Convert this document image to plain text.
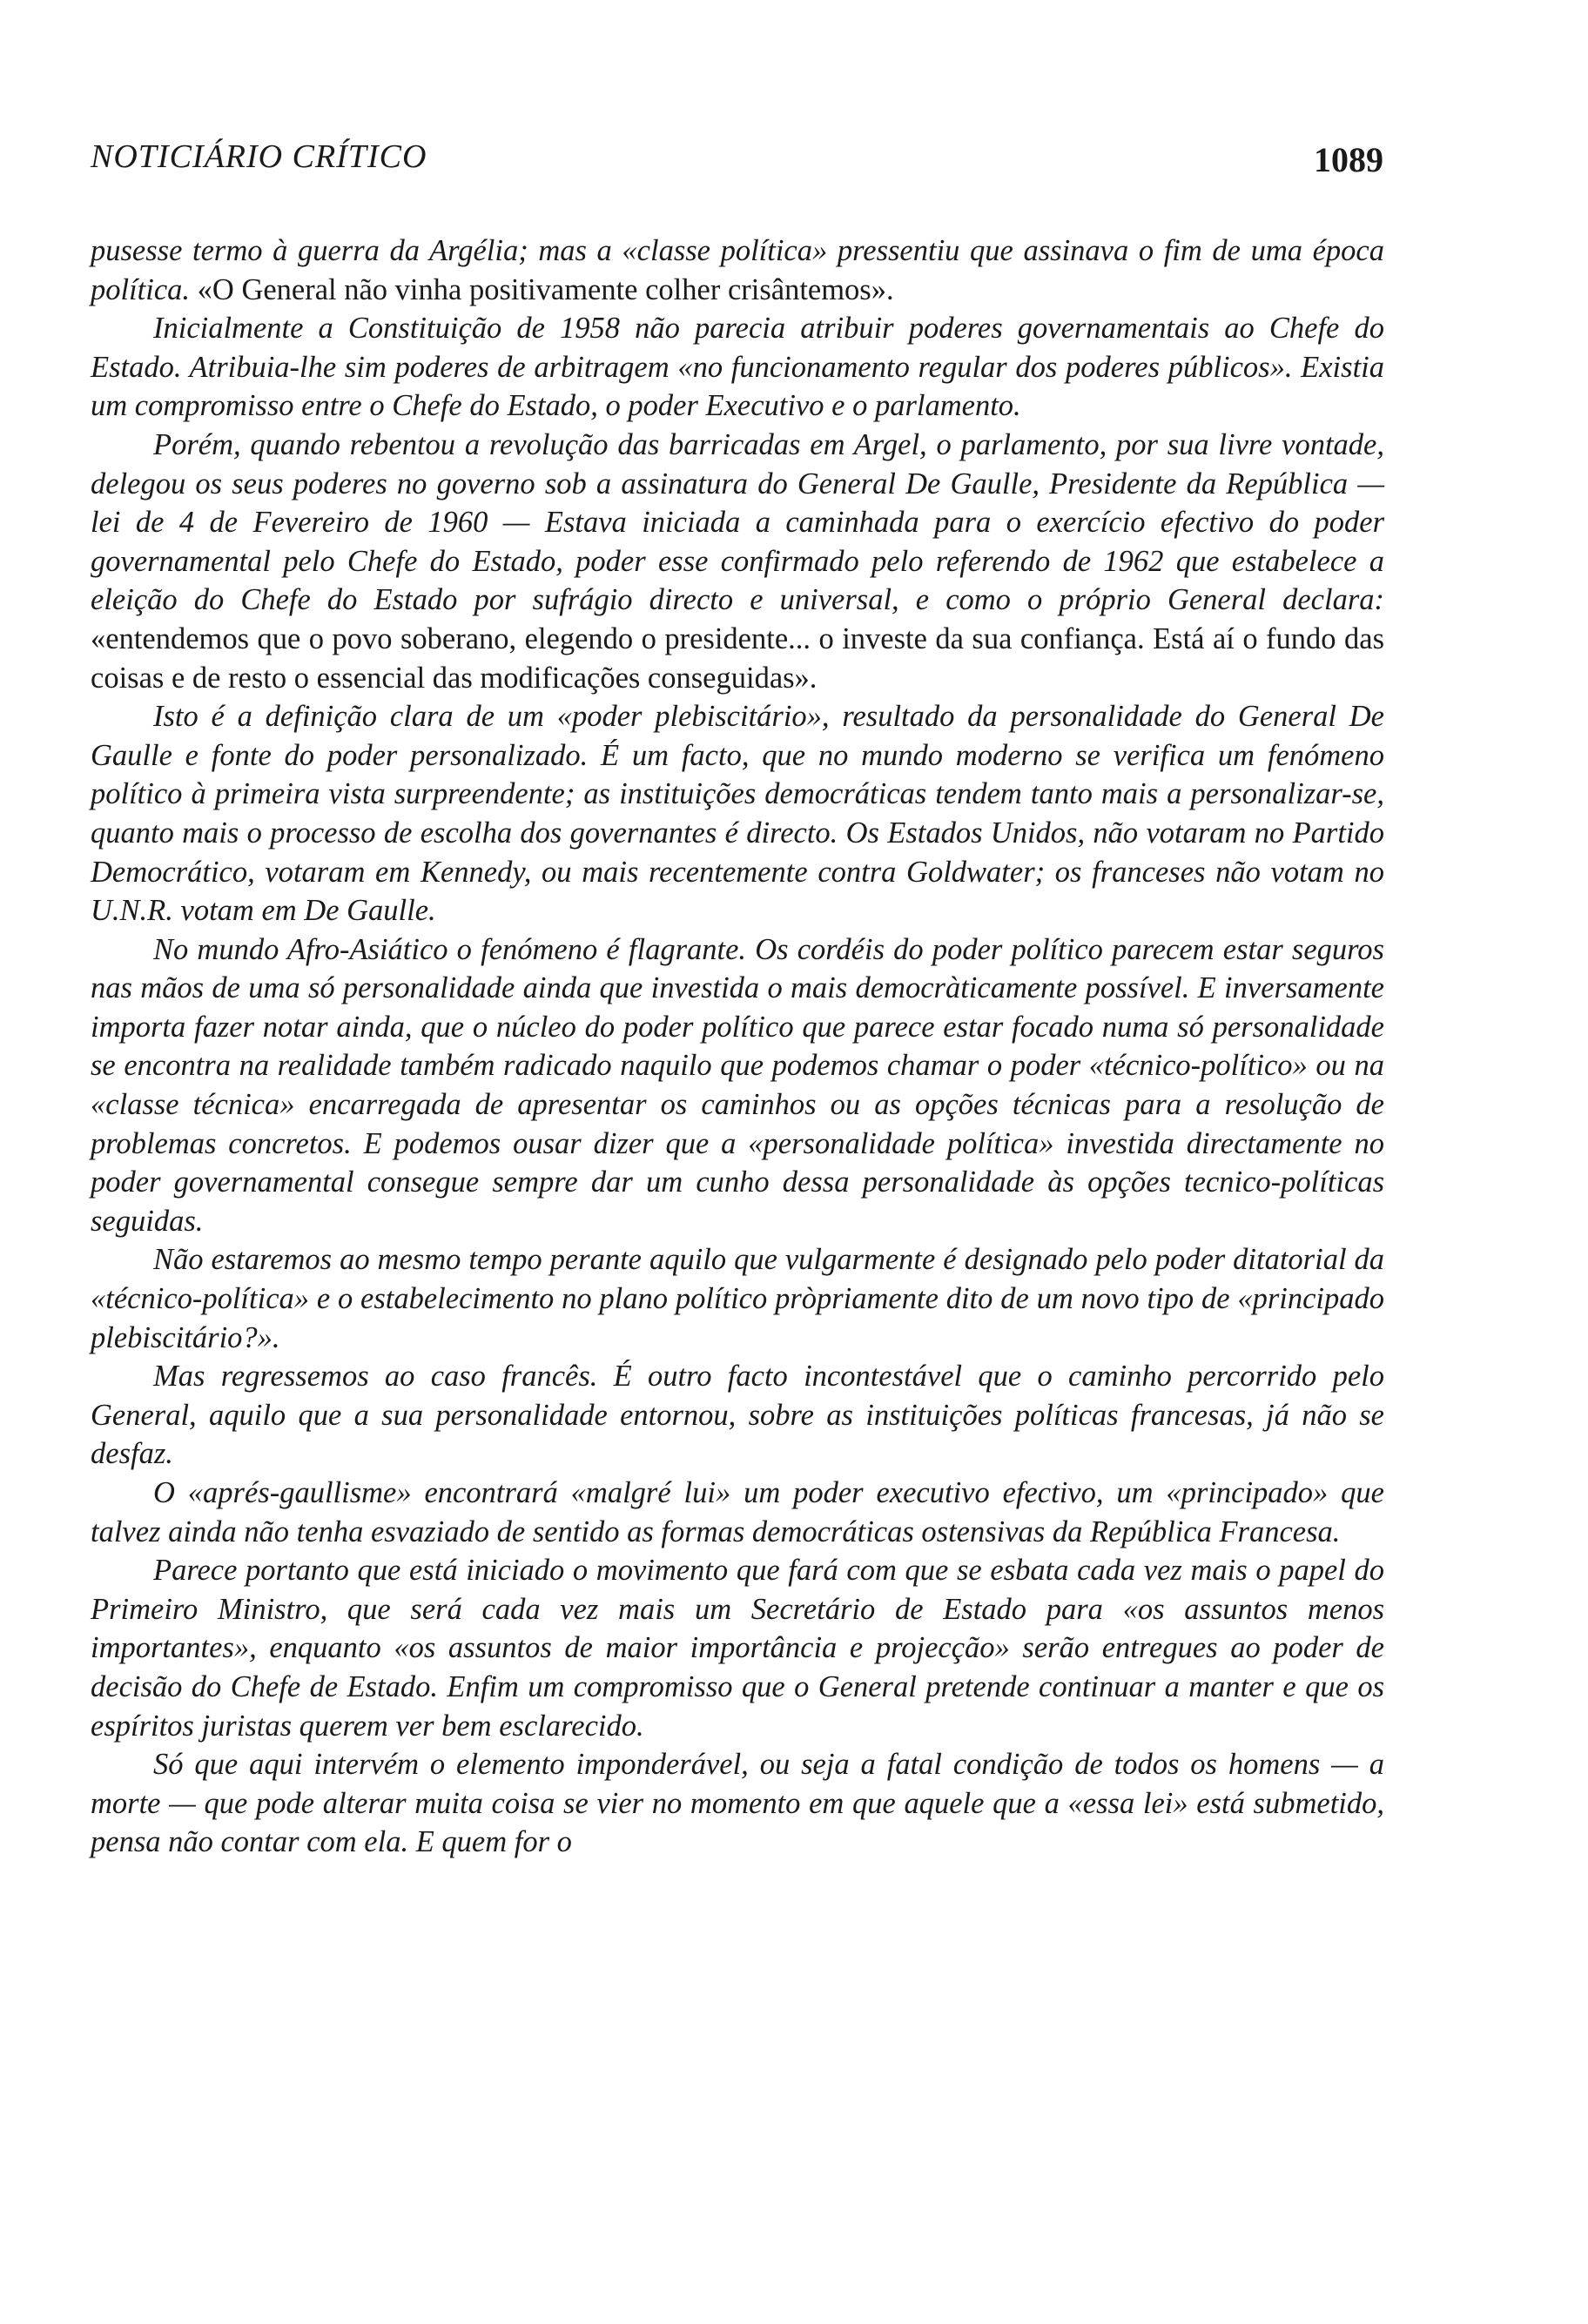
NOTICIÁRIO CRÍTICO	1089

pusesse termo à guerra da Argélia; mas a «classe política» pressentiu que assinava o fim de uma época política. «O General não vinha positivamente colher crisântemos».

Inicialmente a Constituição de 1958 não parecia atribuir poderes governamentais ao Chefe do Estado. Atribuia-lhe sim poderes de arbitragem «no funcionamento regular dos poderes públicos». Existia um compromisso entre o Chefe do Estado, o poder Executivo e o parlamento.

Porém, quando rebentou a revolução das barricadas em Argel, o parlamento, por sua livre vontade, delegou os seus poderes no governo sob a assinatura do General De Gaulle, Presidente da República — lei de 4 de Fevereiro de 1960 — Estava iniciada a caminhada para o exercício efectivo do poder governamental pelo Chefe do Estado, poder esse confirmado pelo referendo de 1962 que estabelece a eleição do Chefe do Estado por sufrágio directo e universal, e como o próprio General declara: «entendemos que o povo soberano, elegendo o presidente... o investe da sua confiança. Está aí o fundo das coisas e de resto o essencial das modificações conseguidas».

Isto é a definição clara de um «poder plebiscitário», resultado da personalidade do General De Gaulle e fonte do poder personalizado. É um facto, que no mundo moderno se verifica um fenómeno político à primeira vista surpreendente; as instituições democráticas tendem tanto mais a personalizar-se, quanto mais o processo de escolha dos governantes é directo. Os Estados Unidos, não votaram no Partido Democrático, votaram em Kennedy, ou mais recentemente contra Goldwater; os franceses não votam no U.N.R. votam em De Gaulle.

No mundo Afro-Asiático o fenómeno é flagrante. Os cordéis do poder político parecem estar seguros nas mãos de uma só personalidade ainda que investida o mais democràticamente possível. E inversamente importa fazer notar ainda, que o núcleo do poder político que parece estar focado numa só personalidade se encontra na realidade também radicado naquilo que podemos chamar o poder «técnico-político» ou na «classe técnica» encarregada de apresentar os caminhos ou as opções técnicas para a resolução de problemas concretos. E podemos ousar dizer que a «personalidade política» investida directamente no poder governamental consegue sempre dar um cunho dessa personalidade às opções tecnico-políticas seguidas.

Não estaremos ao mesmo tempo perante aquilo que vulgarmente é designado pelo poder ditatorial da «técnico-política» e o estabelecimento no plano político pròpriamente dito de um novo tipo de «principado plebiscitário?».

Mas regressemos ao caso francês. É outro facto incontestável que o caminho percorrido pelo General, aquilo que a sua personalidade entornou, sobre as instituições políticas francesas, já não se desfaz.

O «aprés-gaullisme» encontrará «malgré lui» um poder executivo efectivo, um «principado» que talvez ainda não tenha esvaziado de sentido as formas democráticas ostensivas da República Francesa.

Parece portanto que está iniciado o movimento que fará com que se esbata cada vez mais o papel do Primeiro Ministro, que será cada vez mais um Secretário de Estado para «os assuntos menos importantes», enquanto «os assuntos de maior importância e projecção» serão entregues ao poder de decisão do Chefe de Estado. Enfim um compromisso que o General pretende continuar a manter e que os espíritos juristas querem ver bem esclarecido.

Só que aqui intervém o elemento imponderável, ou seja a fatal condição de todos os homens — a morte — que pode alterar muita coisa se vier no momento em que aquele que a «essa lei» está submetido, pensa não contar com ela. E quem for o
